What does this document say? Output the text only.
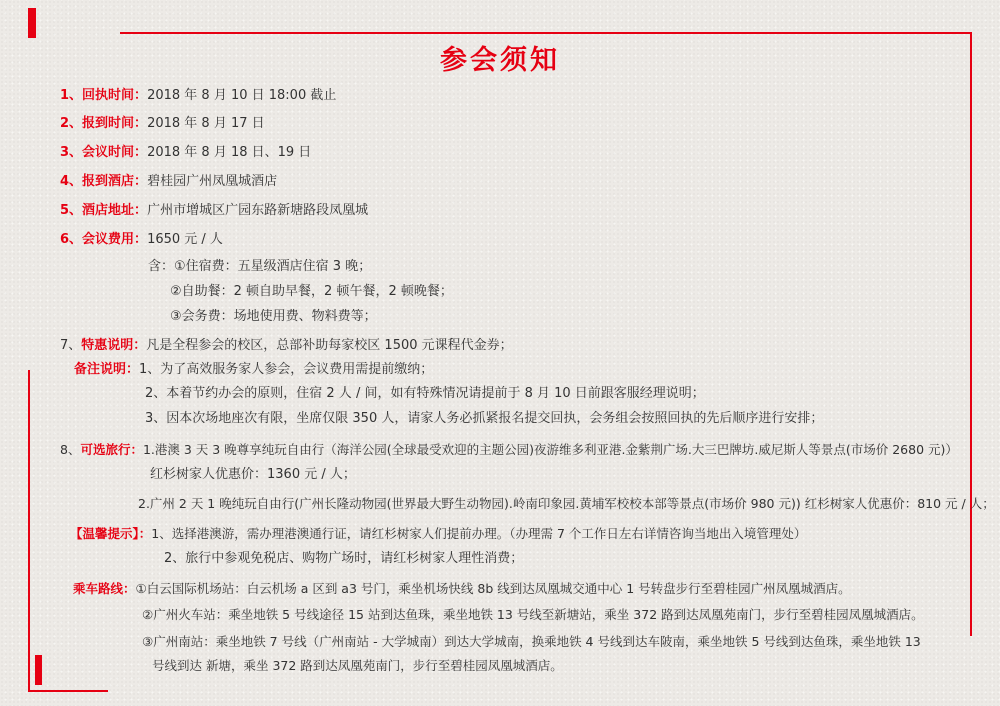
参会须知
1、回执时间：2018 年 8 月 10 日 18:00 截止
2、报到时间：2018 年 8 月 17 日
3、会议时间：2018 年 8 月 18 日、19 日
4、报到酒店：碧桂园广州凤凰城酒店
5、酒店地址：广州市增城区广园东路新塘路段凤凰城
6、会议费用：1650 元 / 人
含：①住宿费：五星级酒店住宿 3 晚；
②自助餐：2 顿自助早餐，2 顿午餐，2 顿晚餐；
③会务费：场地使用费、物料费等；
7、特惠说明：凡是全程参会的校区，总部补助每家校区 1500 元课程代金券；
备注说明：1、为了高效服务家人参会，会议费用需提前缴纳；
2、本着节约办会的原则，住宿 2 人 / 间，如有特殊情况请提前于 8 月 10 日前跟客服经理说明；
3、因本次场地座次有限，坐席仅限 350 人，请家人务必抓紧报名提交回执，会务组会按照回执的先后顺序进行安排；
8、可选旅行：1.港澳 3 天 3 晚尊享纯玩自由行（海洋公园(全球最受欢迎的主题公园)夜游维多利亚港.金紫荆广场.大三巴牌坊.威尼斯人等景点(市场价 2680 元)）
红杉树家人优惠价：1360 元 / 人；
2.广州 2 天 1 晚纯玩自由行(广州长隆动物园(世界最大野生动物园).岭南印象园.黄埔军校校本部等景点(市场价 980 元)) 红杉树家人优惠价：810 元 / 人；
【温馨提示】：1、选择港澳游，需办理港澳通行证，请红杉树家人们提前办理。（办理需 7 个工作日左右详情咨询当地出入境管理处）
2、旅行中参观免税店、购物广场时，请红杉树家人理性消费；
乘车路线：①白云国际机场站：白云机场 a 区到 a3 号门，乘坐机场快线 8b 线到达凤凰城交通中心 1 号转盘步行至碧桂园广州凤凰城酒店。
②广州火车站：乘坐地铁 5 号线途径 15 站到达鱼珠，乘坐地铁 13 号线至新塘站，乘坐 372 路到达凤凰苑南门，步行至碧桂园凤凰城酒店。
③广州南站：乘坐地铁 7 号线（广州南站 - 大学城南）到达大学城南，换乘地铁 4 号线到达车陂南，乘坐地铁 5 号线到达鱼珠，乘坐地铁 13
号线到达 新塘，乘坐 372 路到达凤凰苑南门，步行至碧桂园凤凰城酒店。
